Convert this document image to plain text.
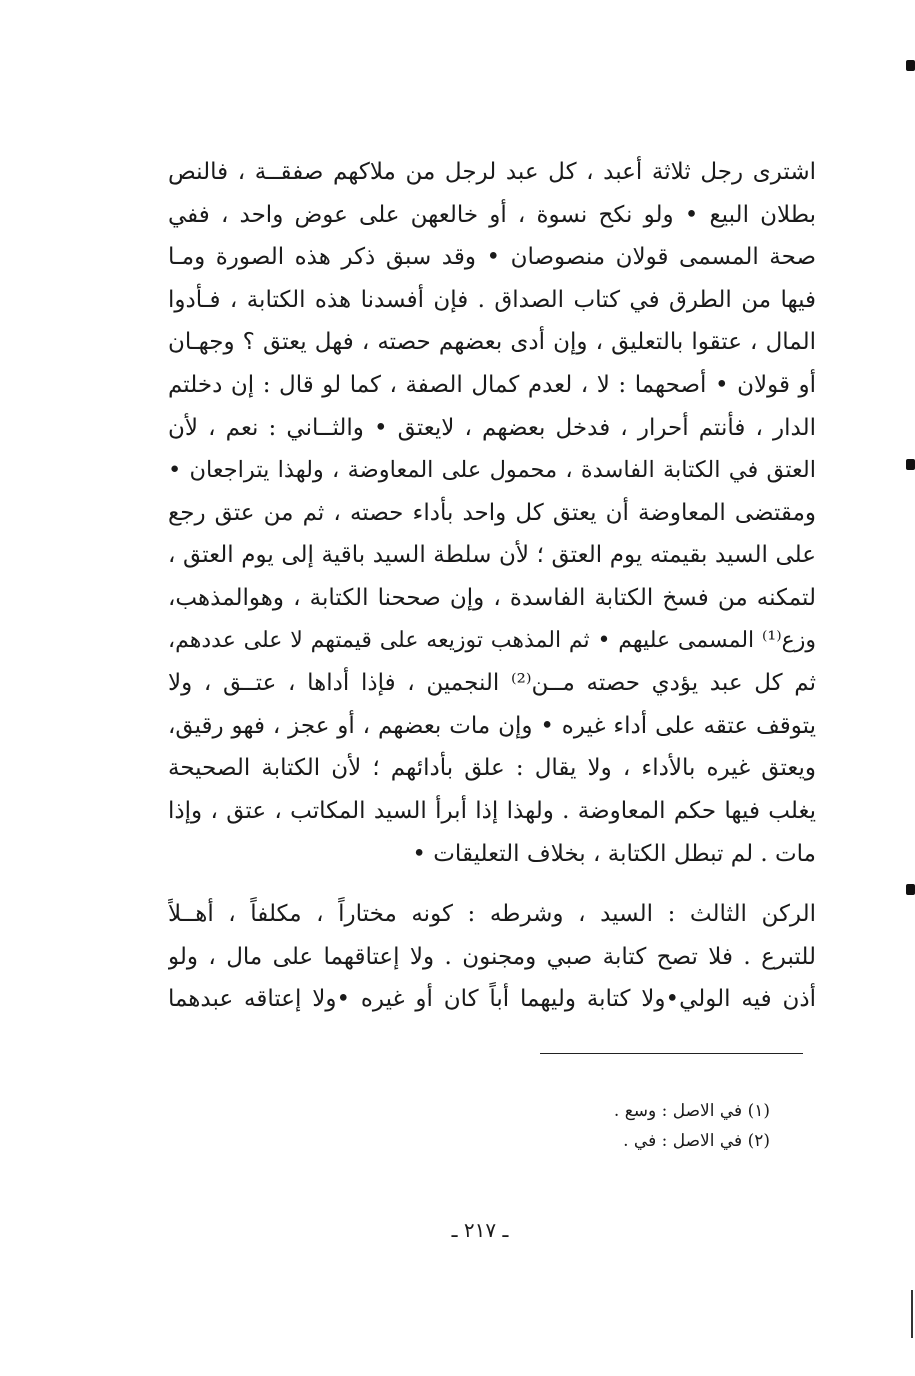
اشترى رجل ثلاثة أعبد ، كل عبد لرجل من ملاكهم صفقــة ، فالنص
بطلان البيع • ولو نكح نسوة ، أو خالعهن على عوض واحد ، ففي
صحة المسمى قولان منصوصان • وقد سبق ذكر هذه الصورة ومـا
فيها من الطرق في كتاب الصداق . فإن أفسدنا هذه الكتابة ، فـأدوا
المال ، عتقوا بالتعليق ، وإن أدى بعضهم حصته ، فهل يعتق ؟ وجهـان
أو قولان • أصحهما : لا ، لعدم كمال الصفة ، كما لو قال : إن دخلتم
الدار ، فأنتم أحرار ، فدخل بعضهم ، لايعتق • والثــاني : نعم ، لأن
العتق في الكتابة الفاسدة ، محمول على المعاوضة ، ولهذا يتراجعان •
ومقتضى المعاوضة أن يعتق كل واحد بأداء حصته ، ثم من عتق رجع
على السيد بقيمته يوم العتق ؛ لأن سلطة السيد باقية إلى يوم العتق ،
لتمكنه من فسخ الكتابة الفاسدة ، وإن صححنا الكتابة ، وهوالمذهب،
وزع⁽¹⁾ المسمى عليهم • ثم المذهب توزيعه على قيمتهم لا على عددهم،
ثم كل عبد يؤدي حصته مــن⁽²⁾ النجمين ، فإذا أداها ، عتــق ، ولا
يتوقف عتقه على أداء غيره • وإن مات بعضهم ، أو عجز ، فهو رقيق،
ويعتق غيره بالأداء ، ولا يقال : علق بأدائهم ؛ لأن الكتابة الصحيحة
يغلب فيها حكم المعاوضة . ولهذا إذا أبرأ السيد المكاتب ، عتق ، وإذا
مات . لم تبطل الكتابة ، بخلاف التعليقات •
الركن الثالث : السيد ، وشرطه : كونه مختاراً ، مكلفاً ، أهــلاً
للتبرع . فلا تصح كتابة صبي ومجنون . ولا إعتاقهما على مال ، ولو
أذن فيه الولي•ولا كتابة وليهما أباً كان أو غيره •ولا إعتاقه عبدهما
(١) في الاصل : وسع .
(٢) في الاصل : في .
ـ ٢١٧ ـ
